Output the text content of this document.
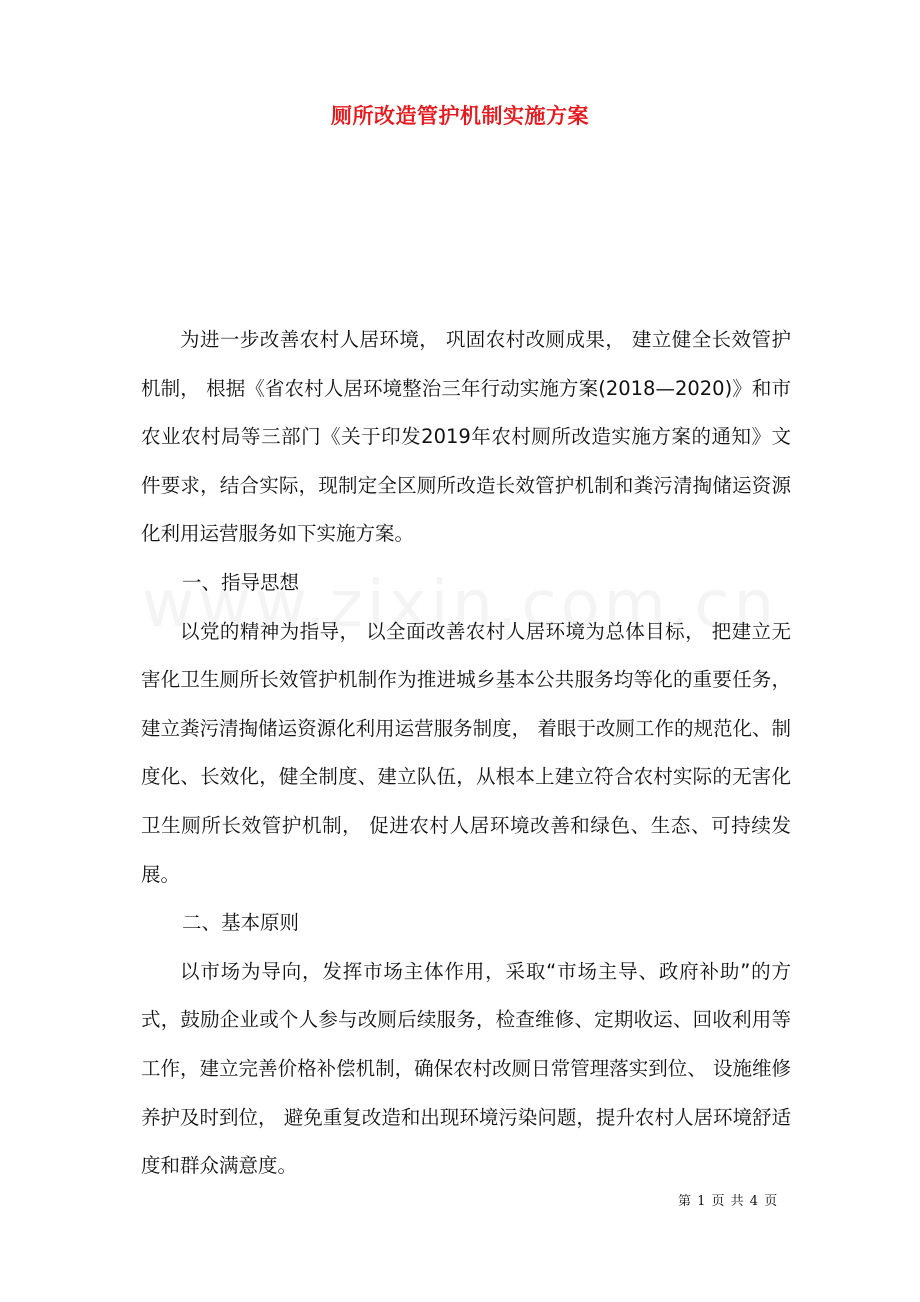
厕所改造管护机制实施方案

为进一步改善农村人居环境， 巩固农村改厕成果， 建立健全长效管护机制， 根据《省农村人居环境整治三年行动实施方案(2018—2020)》和市农业农村局等三部门《关于印发2019年农村厕所改造实施方案的通知》文件要求，结合实际，现制定全区厕所改造长效管护机制和粪污清掏储运资源化利用运营服务如下实施方案。

一、指导思想

以党的精神为指导， 以全面改善农村人居环境为总体目标， 把建立无害化卫生厕所长效管护机制作为推进城乡基本公共服务均等化的重要任务， 建立粪污清掏储运资源化利用运营服务制度， 着眼于改厕工作的规范化、制度化、长效化，健全制度、建立队伍，从根本上建立符合农村实际的无害化卫生厕所长效管护机制， 促进农村人居环境改善和绿色、生态、可持续发展。

二、基本原则

以市场为导向，发挥市场主体作用，采取“市场主导、政府补助”的方式，鼓励企业或个人参与改厕后续服务，检查维修、定期收运、回收利用等工作，建立完善价格补偿机制，确保农村改厕日常管理落实到位、 设施维修养护及时到位， 避免重复改造和出现环境污染问题，提升农村人居环境舒适度和群众满意度。

第 1 页 共 4 页
